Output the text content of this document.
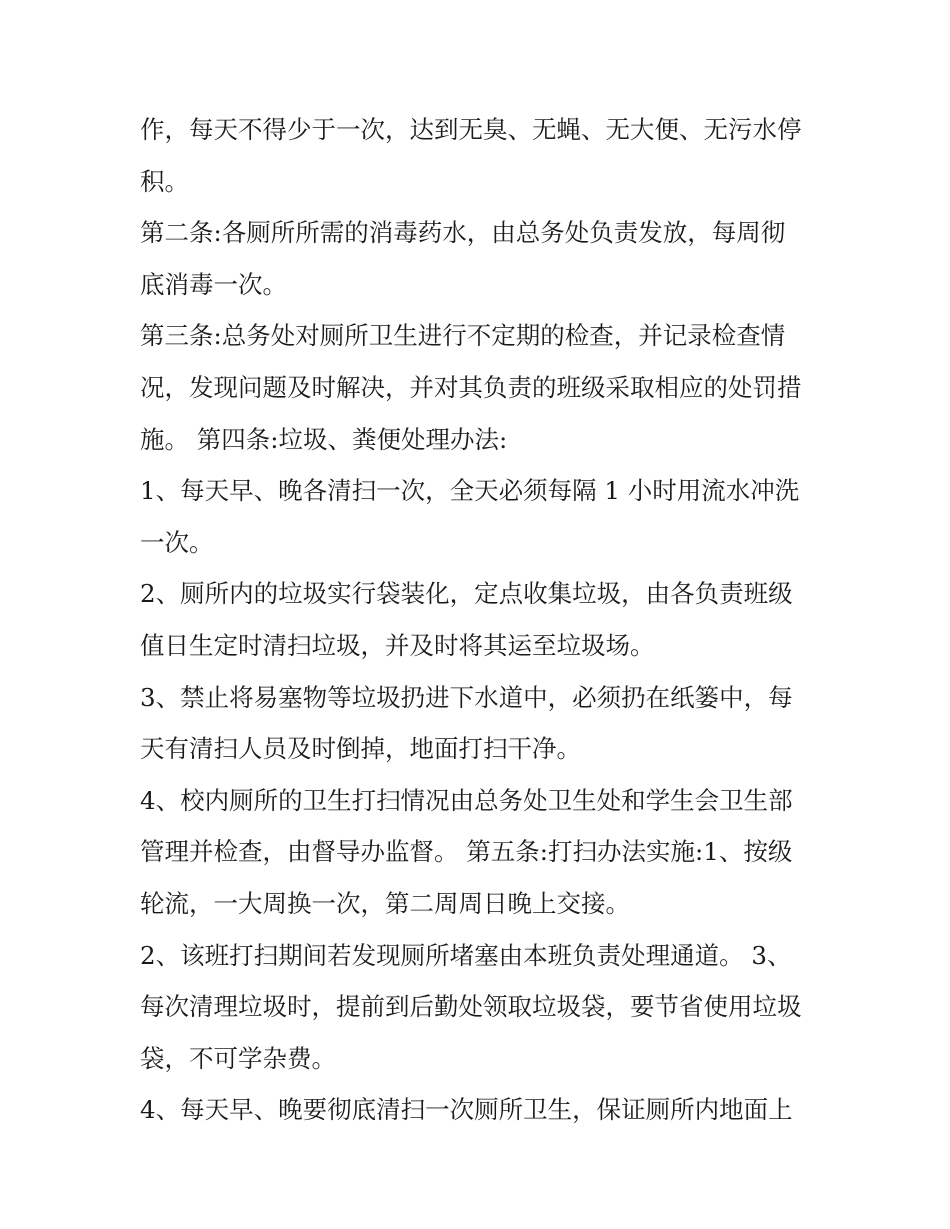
作，每天不得少于一次，达到无臭、无蝇、无大便、无污水停
积。
第二条:各厕所所需的消毒药水，由总务处负责发放，每周彻
底消毒一次。
第三条:总务处对厕所卫生进行不定期的检查，并记录检查情
况，发现问题及时解决，并对其负责的班级采取相应的处罚措
施。 第四条:垃圾、粪便处理办法:
1、每天早、晚各清扫一次，全天必须每隔 1 小时用流水冲洗
一次。
2、厕所内的垃圾实行袋装化，定点收集垃圾，由各负责班级
值日生定时清扫垃圾，并及时将其运至垃圾场。
3、禁止将易塞物等垃圾扔进下水道中，必须扔在纸篓中，每
天有清扫人员及时倒掉，地面打扫干净。
4、校内厕所的卫生打扫情况由总务处卫生处和学生会卫生部
管理并检查，由督导办监督。 第五条:打扫办法实施:1、按级
轮流，一大周换一次，第二周周日晚上交接。
2、该班打扫期间若发现厕所堵塞由本班负责处理通道。 3、
每次清理垃圾时，提前到后勤处领取垃圾袋，要节省使用垃圾
袋，不可学杂费。
4、每天早、晚要彻底清扫一次厕所卫生，保证厕所内地面上
